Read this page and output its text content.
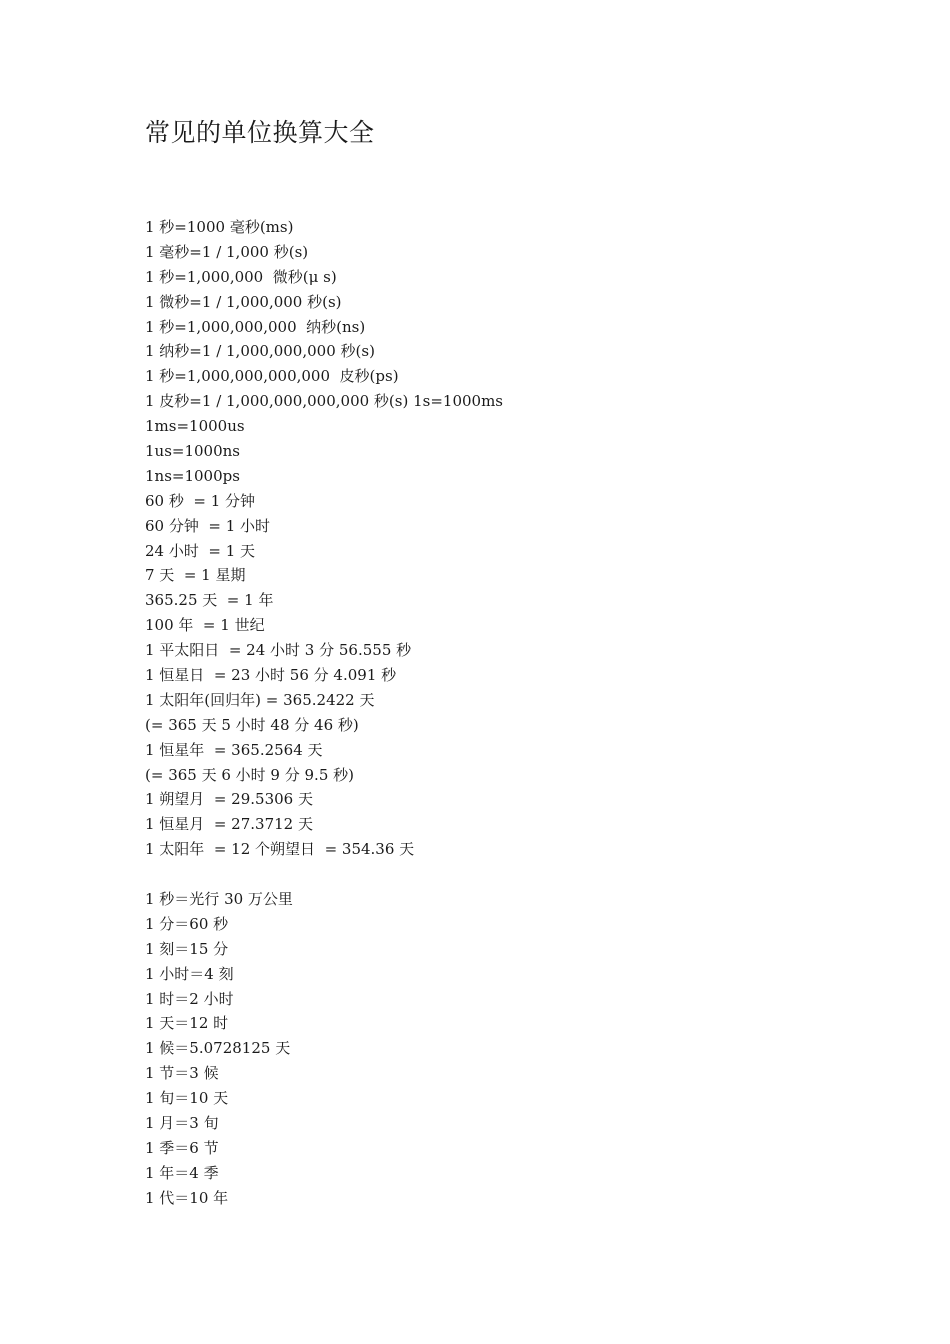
常见的单位换算大全
1 秒=1000 毫秒(ms)
1 毫秒=1 / 1,000 秒(s)
1 秒=1,000,000  微秒(μ s)
1 微秒=1 / 1,000,000 秒(s)
1 秒=1,000,000,000  纳秒(ns)
1 纳秒=1 / 1,000,000,000 秒(s)
1 秒=1,000,000,000,000  皮秒(ps)
1 皮秒=1 / 1,000,000,000,000 秒(s) 1s=1000ms
1ms=1000us
1us=1000ns
1ns=1000ps
60 秒  = 1 分钟
60 分钟  = 1 小时
24 小时  = 1 天
7 天  = 1 星期
365.25 天  = 1 年
100 年  = 1 世纪
1 平太阳日  = 24 小时 3 分 56.555 秒
1 恒星日  = 23 小时 56 分 4.091 秒
1 太阳年(回归年) = 365.2422 天
(= 365 天 5 小时 48 分 46 秒)
1 恒星年  = 365.2564 天
(= 365 天 6 小时 9 分 9.5 秒)
1 朔望月  = 29.5306 天
1 恒星月  = 27.3712 天
1 太阳年  = 12 个朔望日  = 354.36 天
1 秒＝光行 30 万公里
1 分＝60 秒
1 刻＝15 分
1 小时＝4 刻
1 时＝2 小时
1 天＝12 时
1 候＝5.0728125 天
1 节＝3 候
1 旬＝10 天
1 月＝3 旬
1 季＝6 节
1 年＝4 季
1 代＝10 年
